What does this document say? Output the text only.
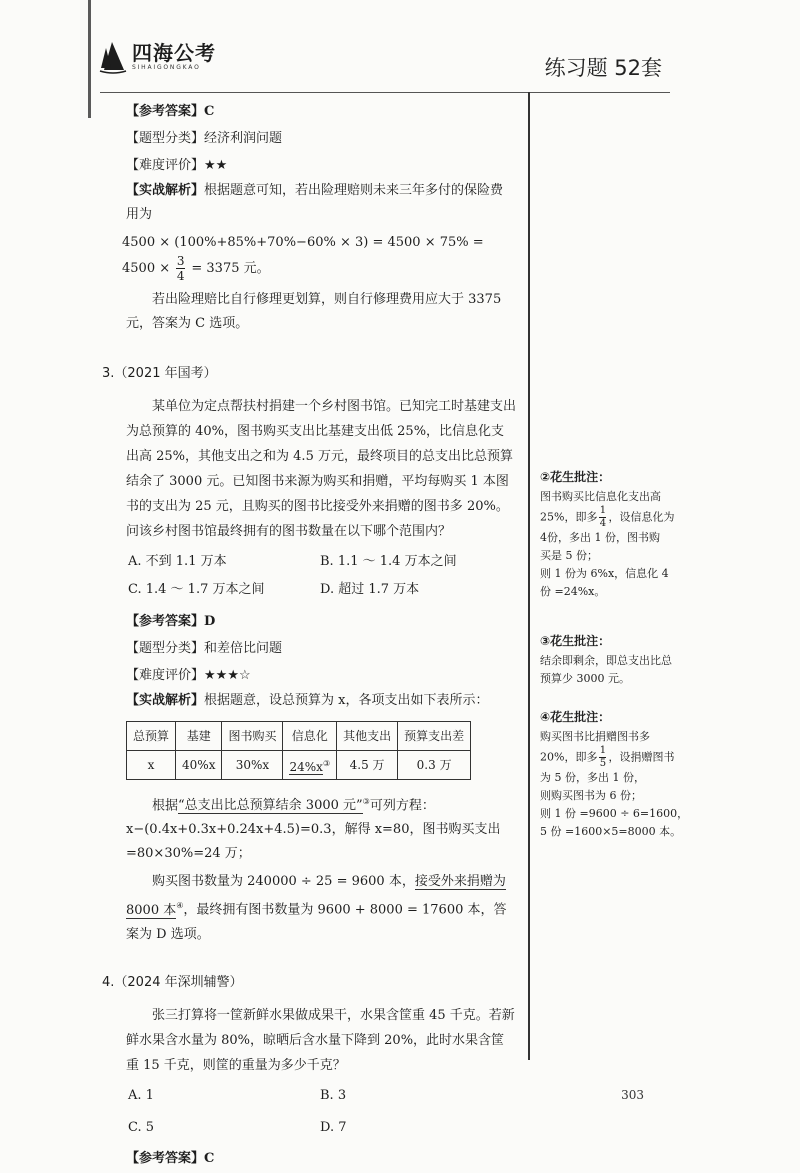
四海公考
SIHAIGONGKAO	练习题 52套
【参考答案】C
【题型分类】经济利润问题
【难度评价】 ★★

【实战解析】根据题意可知，若出险理赔则未来三年多付的保险费用为

$4500 \times (100\%+85\%+70\%-60\% \times 3) = 4500 \times 75\% = 4500 \times \frac{3}{4} = 3375$ 元。

若出险理赔比自行修理更划算，则自行修理费用应大于 3375 元，答案为 C 选项。

3.（2021 年国考）

某单位为定点帮扶村捐建一个乡村图书馆。已知完工时基建支出为总预算的 40%，图书购买支出比基建支出低 25%，比信息化支出高 25%，其他支出之和为 4.5 万元，最终项目的总支出比总预算结余了 3000 元。已知图书来源为购买和捐赠，平均每购买 1 本图书的支出为 25 元，且购买的图书比接受外来捐赠的图书多 20%。问该乡村图书馆最终拥有的图书数量在以下哪个范围内？

A. 不到 1.1 万本	B. 1.1 ～ 1.4 万本之间
C. 1.4 ～ 1.7 万本之间	D. 超过 1.7 万本
【参考答案】D
【题型分类】和差倍比问题
【难度评价】 ★★★☆

【实战解析】根据题意，设总预算为 x，各项支出如下表所示：

总预算	基建	图书购买	信息化	其他支出	预算支出差
x	40%x	30%x	24%x③	4.5 万	0.3 万

根据“总支出比总预算结余 3000 元”③可列方程：x−(0.4x+0.3x+0.24x+4.5)=0.3，解得 x=80，图书购买支出 =80×30%=24 万；

购买图书数量为 240000 ÷ 25 = 9600 本，接受外来捐赠为 8000 本④，最终拥有图书数量为 9600 + 8000 = 17600 本，答案为 D 选项。

4.（2024 年深圳辅警）

张三打算将一筐新鲜水果做成果干，水果含筐重 45 千克。若新鲜水果含水量为 80%，晾晒后含水量下降到 20%，此时水果含筐重 15 千克，则筐的重量为多少千克？

A. 1	B. 3
C. 5	D. 7
【参考答案】C
②花生批注：
图书购买比信息化支出高
25%，即多 $\frac{1}{4}$ ，设信息化为
4份，多出 1 份，图书购
买是 5 份；
则 1 份为 6%x，信息化 4
份 =24%x。
③花生批注：
结余即剩余，即总支出比总
预算少 3000 元。
④花生批注：
购买图书比捐赠图书多
20%，即多 $\frac{1}{5}$ ，设捐赠图书
为 5 份，多出 1 份，
则购买图书为 6 份；
则 1 份 =9600 ÷ 6=1600，
5 份 =1600×5=8000 本。
303
